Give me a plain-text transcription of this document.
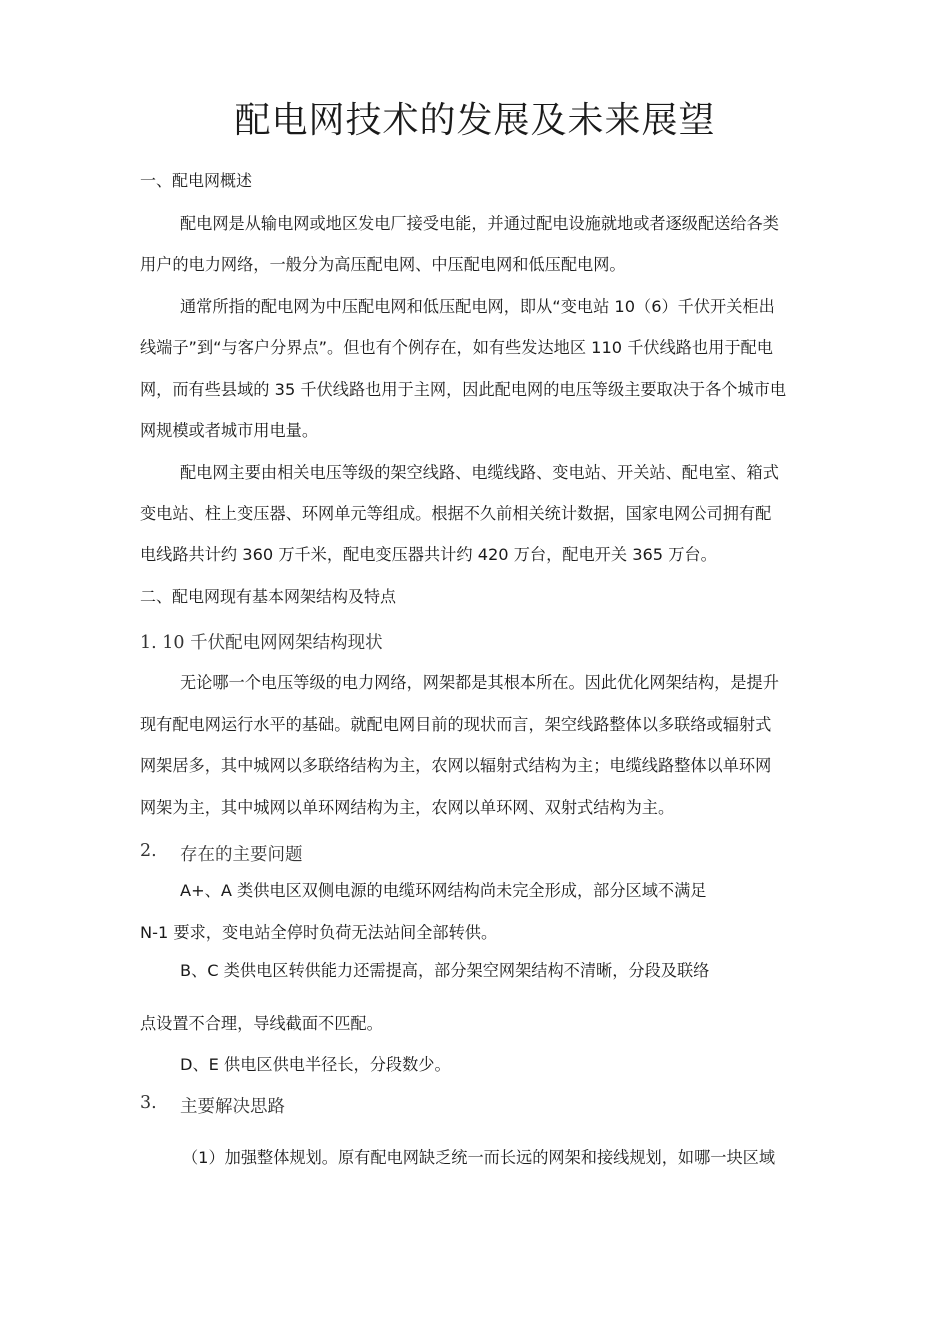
配电网技术的发展及未来展望
一、配电网概述
配电网是从输电网或地区发电厂接受电能，并通过配电设施就地或者逐级配送给各类
用户的电力网络，一般分为高压配电网、中压配电网和低压配电网。
通常所指的配电网为中压配电网和低压配电网，即从“变电站 10（6）千伏开关柜出
线端子”到“与客户分界点”。但也有个例存在，如有些发达地区 110 千伏线路也用于配电
网，而有些县域的 35 千伏线路也用于主网，因此配电网的电压等级主要取决于各个城市电
网规模或者城市用电量。
配电网主要由相关电压等级的架空线路、电缆线路、变电站、开关站、配电室、箱式
变电站、柱上变压器、环网单元等组成。根据不久前相关统计数据，国家电网公司拥有配
电线路共计约 360 万千米，配电变压器共计约 420 万台，配电开关 365 万台。
二、配电网现有基本网架结构及特点
1. 10 千伏配电网网架结构现状
无论哪一个电压等级的电力网络，网架都是其根本所在。因此优化网架结构，是提升
现有配电网运行水平的基础。就配电网目前的现状而言，架空线路整体以多联络或辐射式
网架居多，其中城网以多联络结构为主，农网以辐射式结构为主；电缆线路整体以单环网
网架为主，其中城网以单环网结构为主，农网以单环网、双射式结构为主。
2. 存在的主要问题
A+、A 类供电区双侧电源的电缆环网结构尚未完全形成，部分区域不满足
N-1 要求，变电站全停时负荷无法站间全部转供。
B、C 类供电区转供能力还需提高，部分架空网架结构不清晰，分段及联络
点设置不合理，导线截面不匹配。
D、E 供电区供电半径长，分段数少。
3. 主要解决思路
（1）加强整体规划。原有配电网缺乏统一而长远的网架和接线规划，如哪一块区域
